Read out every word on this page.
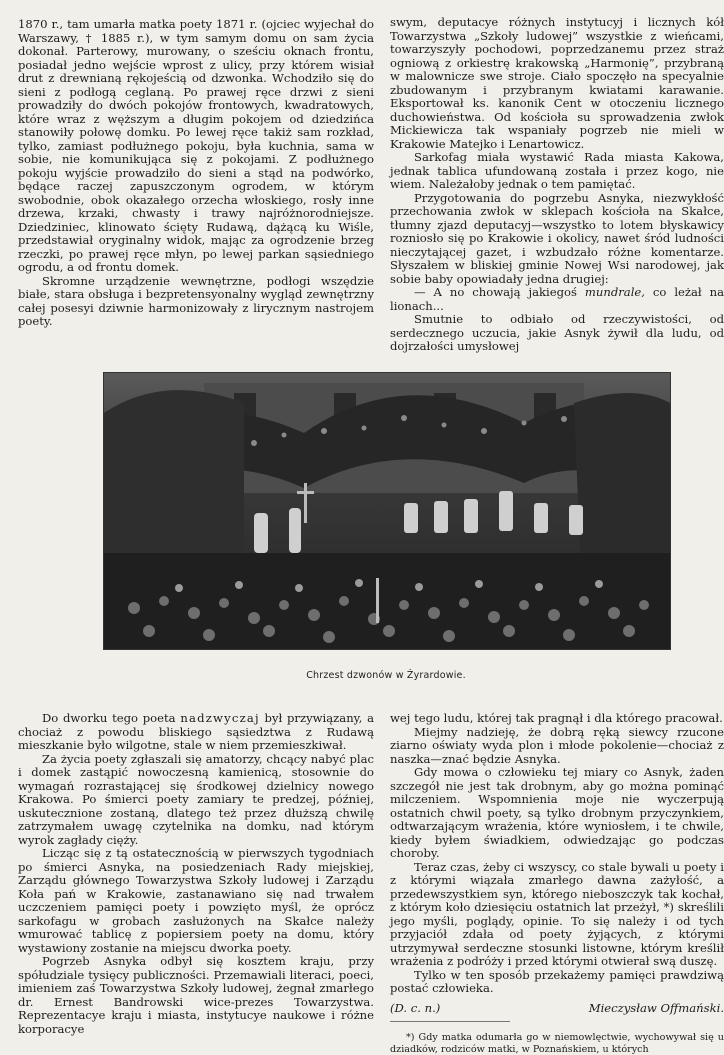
1870 r., tam umarła matka poety 1871 r. (ojciec wyjechał do Warszawy, † 1885 r.), w tym samym domu on sam życia dokonał. Parterowy, murowany, o sześciu oknach frontu, posiadał jedno wejście wprost z ulicy, przy którem wisiał drut z drewnianą rękojeścią od dzwonka. Wchodziło się do sieni z podłogą ceglaną. Po prawej ręce drzwi z sieni prowadziły do dwóch pokojów frontowych, kwadratowych, które wraz z węższym a długim pokojem od dziedzińca stanowiły połowę domku. Po lewej ręce takiż sam rozkład, tylko, zamiast podłużnego pokoju, była kuchnia, sama w sobie, nie komunikująca się z pokojami. Z podłużnego pokoju wyjście prowadziło do sieni a stąd na podwórko, będące raczej zapuszczonym ogrodem, w którym swobodnie, obok okazałego orzecha włoskiego, rosły inne drzewa, krzaki, chwasty i trawy najróżnorodniejsze. Dziedziniec, klinowato ścięty Rudawą, dążącą ku Wiśle, przedstawiał oryginalny widok, mając za ogrodzenie brzeg rzeczki, po prawej ręce młyn, po lewej parkan sąsiedniego ogrodu, a od frontu domek.

Skromne urządzenie wewnętrzne, podłogi wszędzie białe, stara obsługa i bezpretensyonalny wygląd zewnętrzny całej posesyi dziwnie harmonizowały z lirycznym nastrojem poety.

swym, deputacye różnych instytucyj i licznych kół Towarzystwa „Szkoły ludowej” wszystkie z wieńcami, towarzyszyły pochodowi, poprzedzanemu przez straż ogniową z orkiestrę krakowską „Harmonię”, przybraną w malownicze swe stroje. Ciało spoczęło na specyalnie zbudowanym i przybranym kwiatami karawanie. Eksportował ks. kanonik Cent w otoczeniu licznego duchowieństwa. Od kościoła su sprowadzenia zwłok Mickiewicza tak wspaniały pogrzeb nie mieli w Krakowie Matejko i Lenartowicz.

Sarkofag miała wystawić Rada miasta Kakowa, jednak tablica ufundowaną została i przez kogo, nie wiem. Należałoby jednak o tem pamiętać.

Przygotowania do pogrzebu Asnyka, niezwykłość przechowania zwłok w sklepach kościoła na Skałce, tłumny zjazd deputacyj—wszystko to lotem błyskawicy rozniosło się po Krakowie i okolicy, nawet śród ludności nieczytającej gazet, i wzbudzało różne komentarze. Słyszałem w bliskiej gminie Nowej Wsi narodowej, jak sobie baby opowiadały jedna drugiej:

— A no chowają jakiegoś mundrale, co leżał na lionach...

Smutnie to odbiało od rzeczywistości, od serdecznego uczucia, jakie Asnyk żywił dla ludu, od dojrzałości umysłowej

Chrzest dzwonów w Żyrardowie.

Do dworku tego poeta nadzwyczaj był przywiązany, a chociaż z powodu bliskiego sąsiedztwa z Rudawą mieszkanie było wilgotne, stale w niem przemieszkiwał.

Za życia poety zgłaszali się amatorzy, chcący nabyć plac i domek zastąpić nowoczesną kamienicą, stosownie do wymagań rozrastającej się środkowej dzielnicy nowego Krakowa. Po śmierci poety zamiary te predzej, później, uskutecznione zostaną, dlatego też przez dłuższą chwilę zatrzymałem uwagę czytelnika na domku, nad którym wyrok zagłady cięży.

Licząc się z tą ostatecznością w pierwszych tygodniach po śmierci Asnyka, na posiedzeniach Rady miejskiej, Zarządu głównego Towarzystwa Szkoły ludowej i Zarządu Koła pań w Krakowie, zastanawiano się nad trwałem uczczeniem pamięci poety i powzięto myśl, że oprócz sarkofagu w grobach zasłużonych na Skałce należy wmurować tablicę z popiersiem poety na domu, który wystawiony zostanie na miejscu dworka poety.

Pogrzeb Asnyka odbył się kosztem kraju, przy spółudziale tysięcy publiczności. Przemawiali literaci, poeci, imieniem zaś Towarzystwa Szkoły ludowej, żegnał zmarłego dr. Ernest Bandrowski wice-prezes Towarzystwa. Reprezentacye kraju i miasta, instytucye naukowe i różne korporacye

wej tego ludu, której tak pragnął i dla którego pracował.

Miejmy nadzieję, że dobrą ręką siewcy rzucone ziarno oświaty wyda plon i młode pokolenie—chociaż z naszka—znać będzie Asnyka.

Gdy mowa o człowieku tej miary co Asnyk, żaden szczegół nie jest tak drobnym, aby go można pominąć milczeniem. Wspomnienia moje nie wyczerpują ostatnich chwil poety, są tylko drobnym przyczynkiem, odtwarzającym wrażenia, które wyniosłem, i te chwile, kiedy byłem świadkiem, odwiedzając go podczas choroby.

Teraz czas, żeby ci wszyscy, co stale bywali u poety i z którymi wiązała zmarłego dawna zażyłość, a przedewszystkiem syn, którego nieboszczyk tak kochał, z którym koło dziesięciu ostatnich lat przeżył, *) skreślili jego myśli, poglądy, opinie. To się należy i od tych przyjaciół zdała od poety żyjących, z którymi utrzymywał serdeczne stosunki listowne, którym kreślił wrażenia z podróży i przed którymi otwierał swą duszę.

Tylko w ten sposób przekażemy pamięci prawdziwą postać człowieka.

(D. c. n.)	Mieczysław Offmański.

*) Gdy matka odumarła go w niemowlęctwie, wychowywał się u dziadków, rodziców matki, w Poznańskiem, u których
